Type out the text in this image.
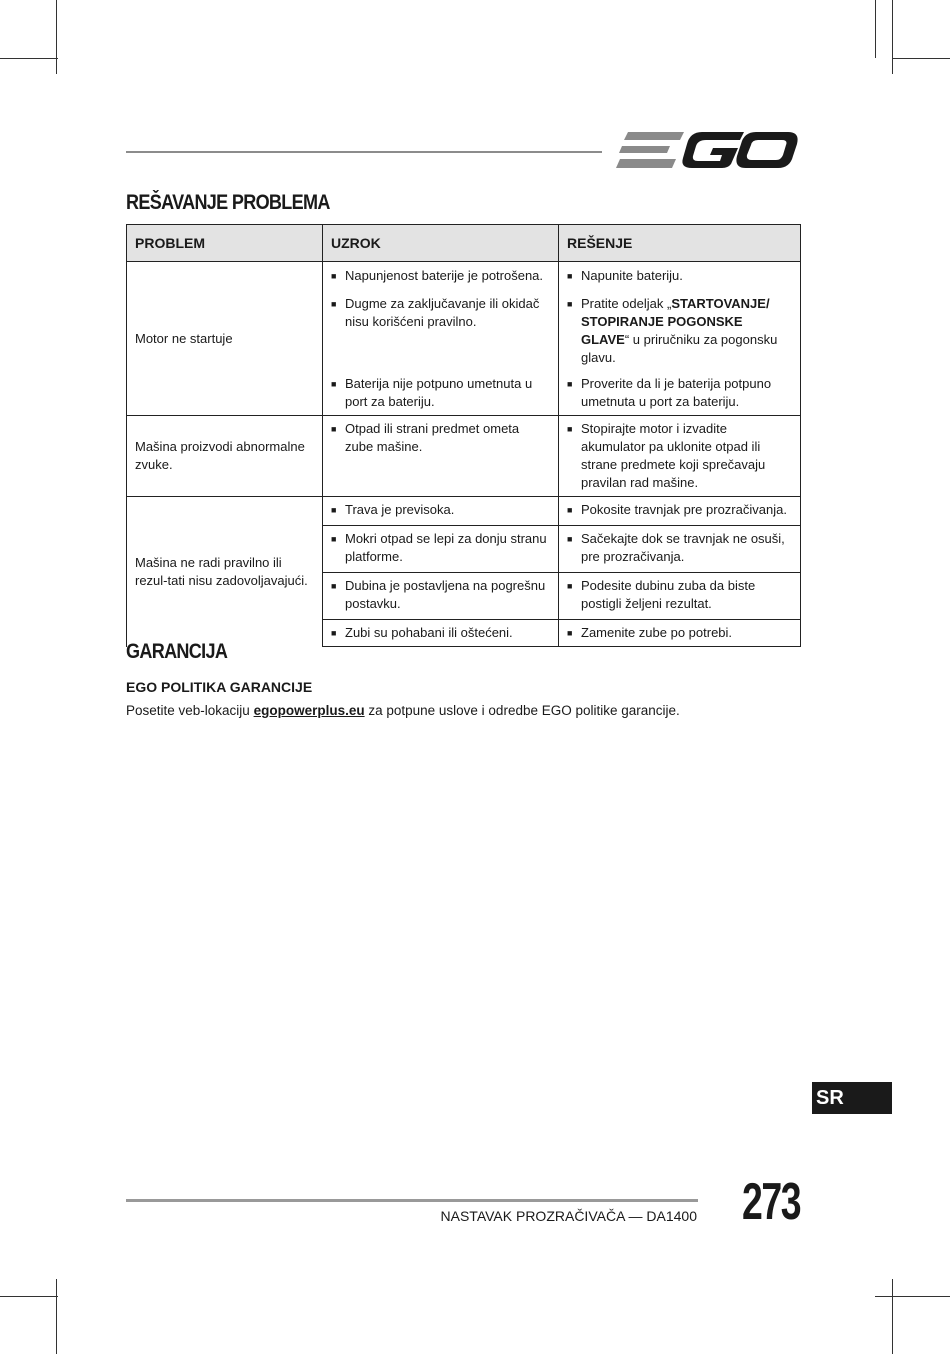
REŠAVANJE PROBLEMA
PROBLEM	UZROK	REŠENJE
Motor ne startuje	■ Napunjenost baterije je potrošena.	■ Napunite bateriju.

	■ Dugme za zaključavanje ili okidač nisu korišćeni pravilno.	■ Pratite odeljak „STARTOVANJE/ STOPIRANJE POGONSKE GLAVE“ u priručniku za pogonsku glavu.

	■ Baterija nije potpuno umetnuta u port za bateriju.	■ Proverite da li je baterija potpuno umetnuta u port za bateriju.

Mašina proizvodi abnormalne zvuke.	■ Otpad ili strani predmet ometa zube mašine.	■ Stopirajte motor i izvadite akumulator pa uklonite otpad ili strane predmete koji sprečavaju pravilan rad mašine.

Mašina ne radi pravilno ili rezul-tati nisu zadovoljavajući.	■ Trava je previsoka.	■ Pokosite travnjak pre prozračivanja.

	■ Mokri otpad se lepi za donju stranu platforme.	■ Sačekajte dok se travnjak ne osuši, pre prozračivanja.

	■ Dubina je postavljena na pogrešnu postavku.	■ Podesite dubinu zuba da biste postigli željeni rezultat.

	■ Zubi su pohabani ili oštećeni.	■ Zamenite zube po potrebi.
GARANCIJA
EGO POLITIKA GARANCIJE
Posetite veb-lokaciju egopowerplus.eu za potpune uslove i odredbe EGO politike garancije.
SR
NASTAVAK PROZRAČIVAČA — DA1400 273
